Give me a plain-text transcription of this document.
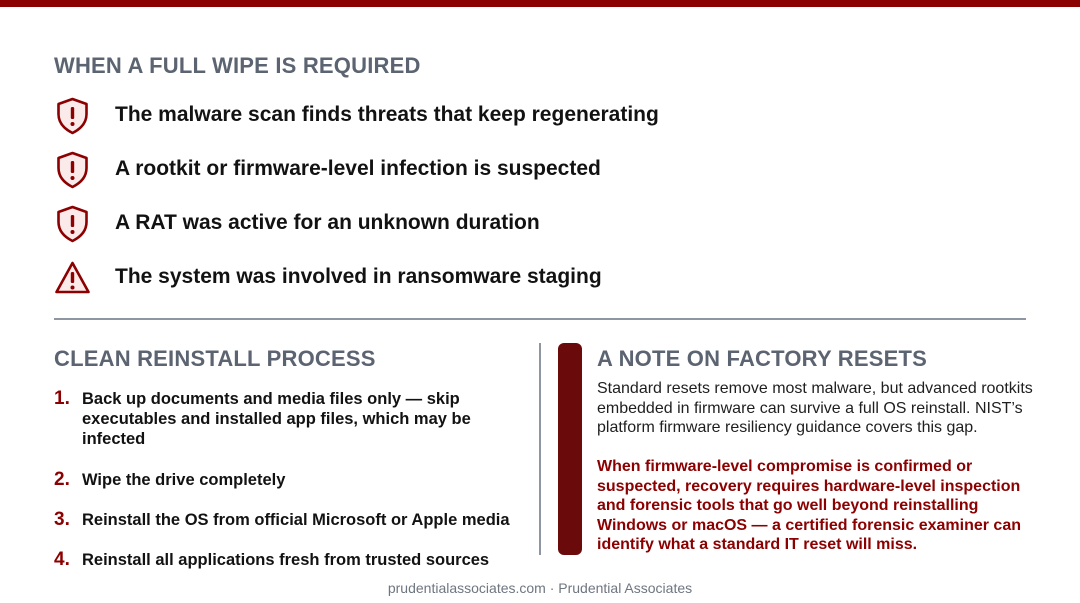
WHEN A FULL WIPE IS REQUIRED
The malware scan finds threats that keep regenerating
A rootkit or firmware-level infection is suspected
A RAT was active for an unknown duration
The system was involved in ransomware staging
CLEAN REINSTALL PROCESS
1. Back up documents and media files only — skip executables and installed app files, which may be infected
2. Wipe the drive completely
3. Reinstall the OS from official Microsoft or Apple media
4. Reinstall all applications fresh from trusted sources
A NOTE ON FACTORY RESETS

Standard resets remove most malware, but advanced rootkits embedded in firmware can survive a full OS reinstall. NIST’s platform firmware resiliency guidance covers this gap.

When firmware-level compromise is confirmed or suspected, recovery requires hardware-level inspection and forensic tools that go well beyond reinstalling Windows or macOS — a certified forensic examiner can identify what a standard IT reset will miss.

prudentialassociates.com · Prudential Associates
